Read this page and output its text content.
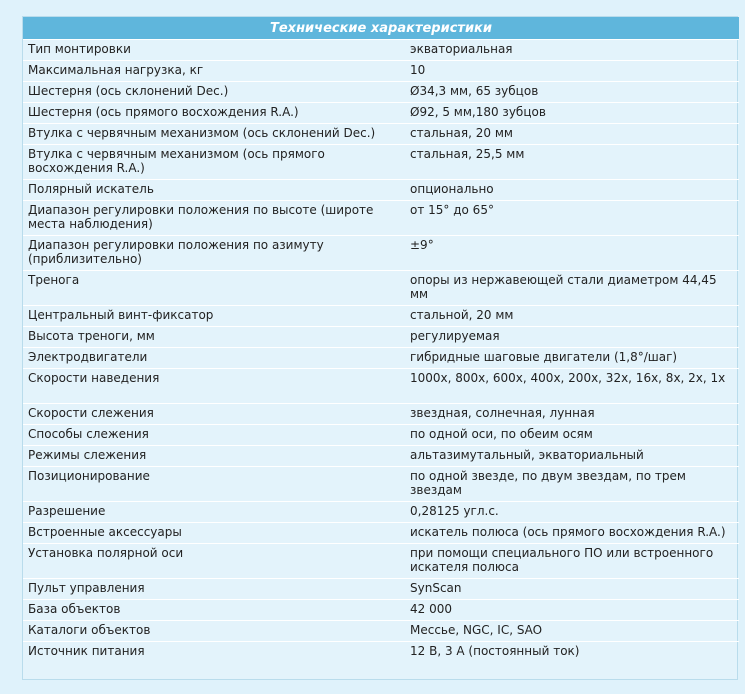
Технические характеристики	
Тип монтировки	экваториальная
Максимальная нагрузка, кг	10
Шестерня (ось склонений Dec.)	Ø34,3 мм, 65 зубцов
Шестерня (ось прямого восхождения R.A.)	Ø92, 5 мм,180 зубцов
Втулка с червячным механизмом (ось склонений Dec.)	стальная, 20 мм
Втулка с червячным механизмом (ось прямого восхождения R.A.)	стальная, 25,5 мм
Полярный искатель	опционально
Диапазон регулировки положения по высоте (широте места наблюдения)	от 15° до 65°
Диапазон регулировки положения по азимуту (приблизительно)	±9°
Тренога	опоры из нержавеющей стали диаметром 44,45 мм
Центральный винт-фиксатор	стальной, 20 мм
Высота треноги, мм	регулируемая
Электродвигатели	гибридные шаговые двигатели (1,8°/шаг)
Скорости наведения	1000x, 800x, 600x, 400x, 200x, 32x, 16x, 8x, 2x, 1x
Скорости слежения	звездная, солнечная, лунная
Способы слежения	по одной оси, по обеим осям
Режимы слежения	альтазимутальный, экваториальный
Позиционирование	по одной звезде, по двум звездам, по трем звездам
Разрешение	0,28125 угл.с.
Встроенные аксессуары	искатель полюса (ось прямого восхождения R.A.)
Установка полярной оси	при помощи специального ПО или встроенного искателя полюса
Пульт управления	SynScan
База объектов	42 000
Каталоги объектов	Мессье, NGC, IC, SAO
Источник питания	12 В, 3 А (постоянный ток)
